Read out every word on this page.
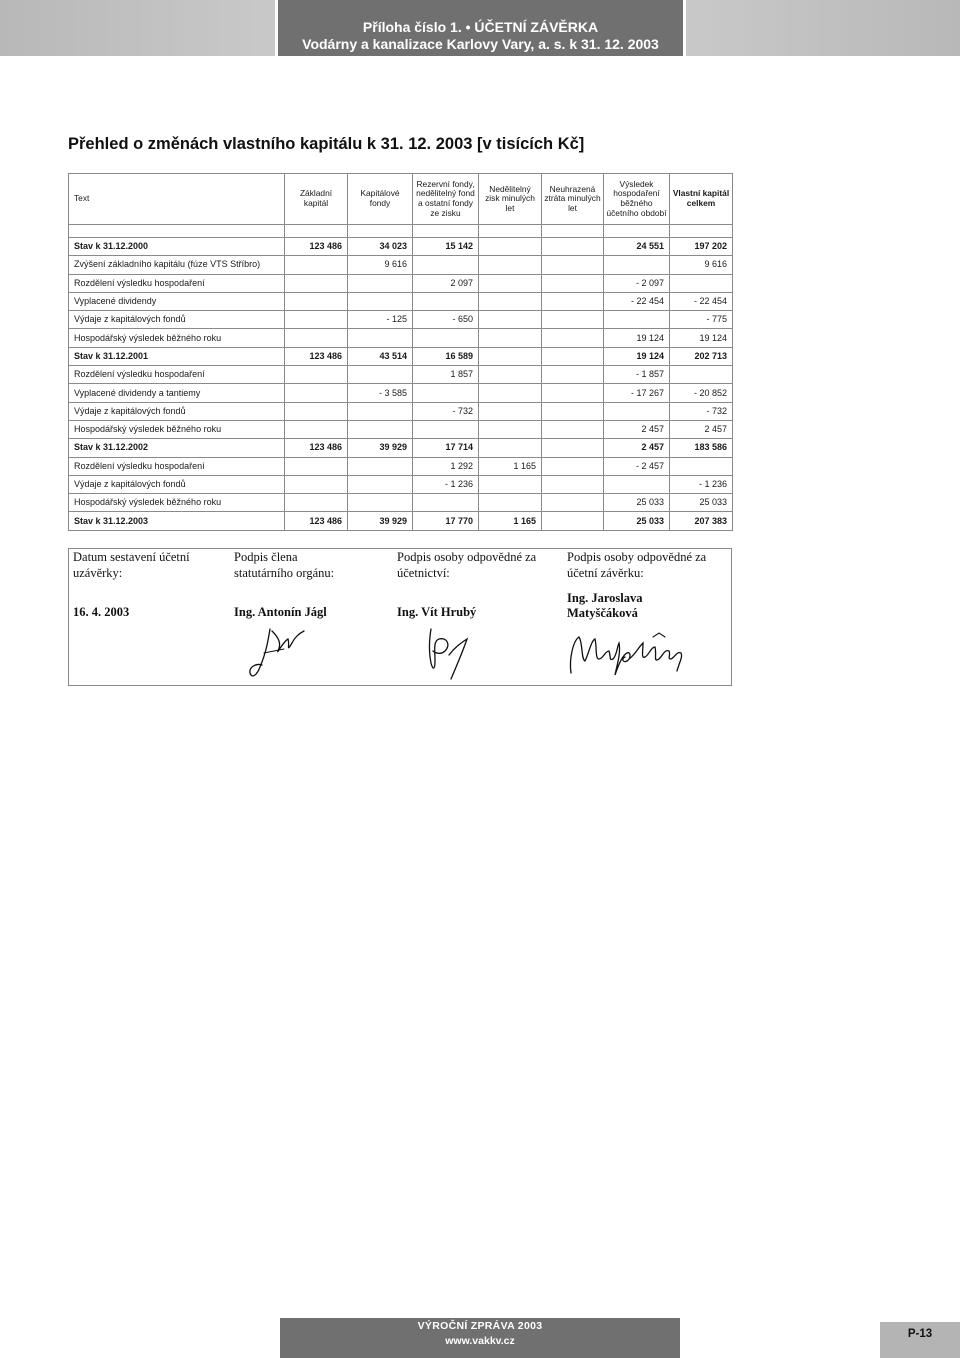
Příloha číslo 1. • ÚČETNÍ ZÁVĚRKA
Vodárny a kanalizace Karlovy Vary, a. s. k 31. 12. 2003
Přehled o změnách vlastního kapitálu k 31. 12. 2003 [v tisících Kč]
Text	Základní kapitál	Kapitálové fondy	Rezervní fondy, nedělitelný fond a ostatní fondy ze zisku	Nedělitelný zisk minulých let	Neuhrazená ztráta minulých let	Výsledek hospodaření běžného účetního období	Vlastní kapitál celkem

Stav k 31.12.2000	123 486	34 023	15 142			24 551	197 202
Zvýšení základního kapitálu (fúze VTS Stříbro)		9 616					9 616
Rozdělení výsledku hospodaření			2 097			- 2 097	
Vyplacené dividendy						- 22 454	- 22 454
Výdaje z kapitálových fondů		- 125	- 650				- 775
Hospodářský výsledek běžného roku						19 124	19 124
Stav k 31.12.2001	123 486	43 514	16 589			19 124	202 713
Rozdělení výsledku hospodaření			1 857			- 1 857	
Vyplacené dividendy a tantiemy		- 3 585				- 17 267	- 20 852
Výdaje z kapitálových fondů			- 732				- 732
Hospodářský výsledek běžného roku						2 457	2 457
Stav k 31.12.2002	123 486	39 929	17 714			2 457	183 586
Rozdělení výsledku hospodaření			1 292	1 165		- 2 457	
Výdaje z kapitálových fondů			- 1 236				- 1 236
Hospodářský výsledek běžného roku						25 033	25 033
Stav k 31.12.2003	123 486	39 929	17 770	1 165		25 033	207 383
Datum sestavení účetní uzávěrky:
16. 4. 2003
Podpis člena statutárního orgánu:
Ing. Antonín Jágl
Podpis osoby odpovědné za účetnictví:
Ing. Vít Hrubý
Podpis osoby odpovědné za účetní závěrku:
Ing. Jaroslava Matyščáková
VÝROČNÍ ZPRÁVA 2003
www.vakkv.cz
P-13
